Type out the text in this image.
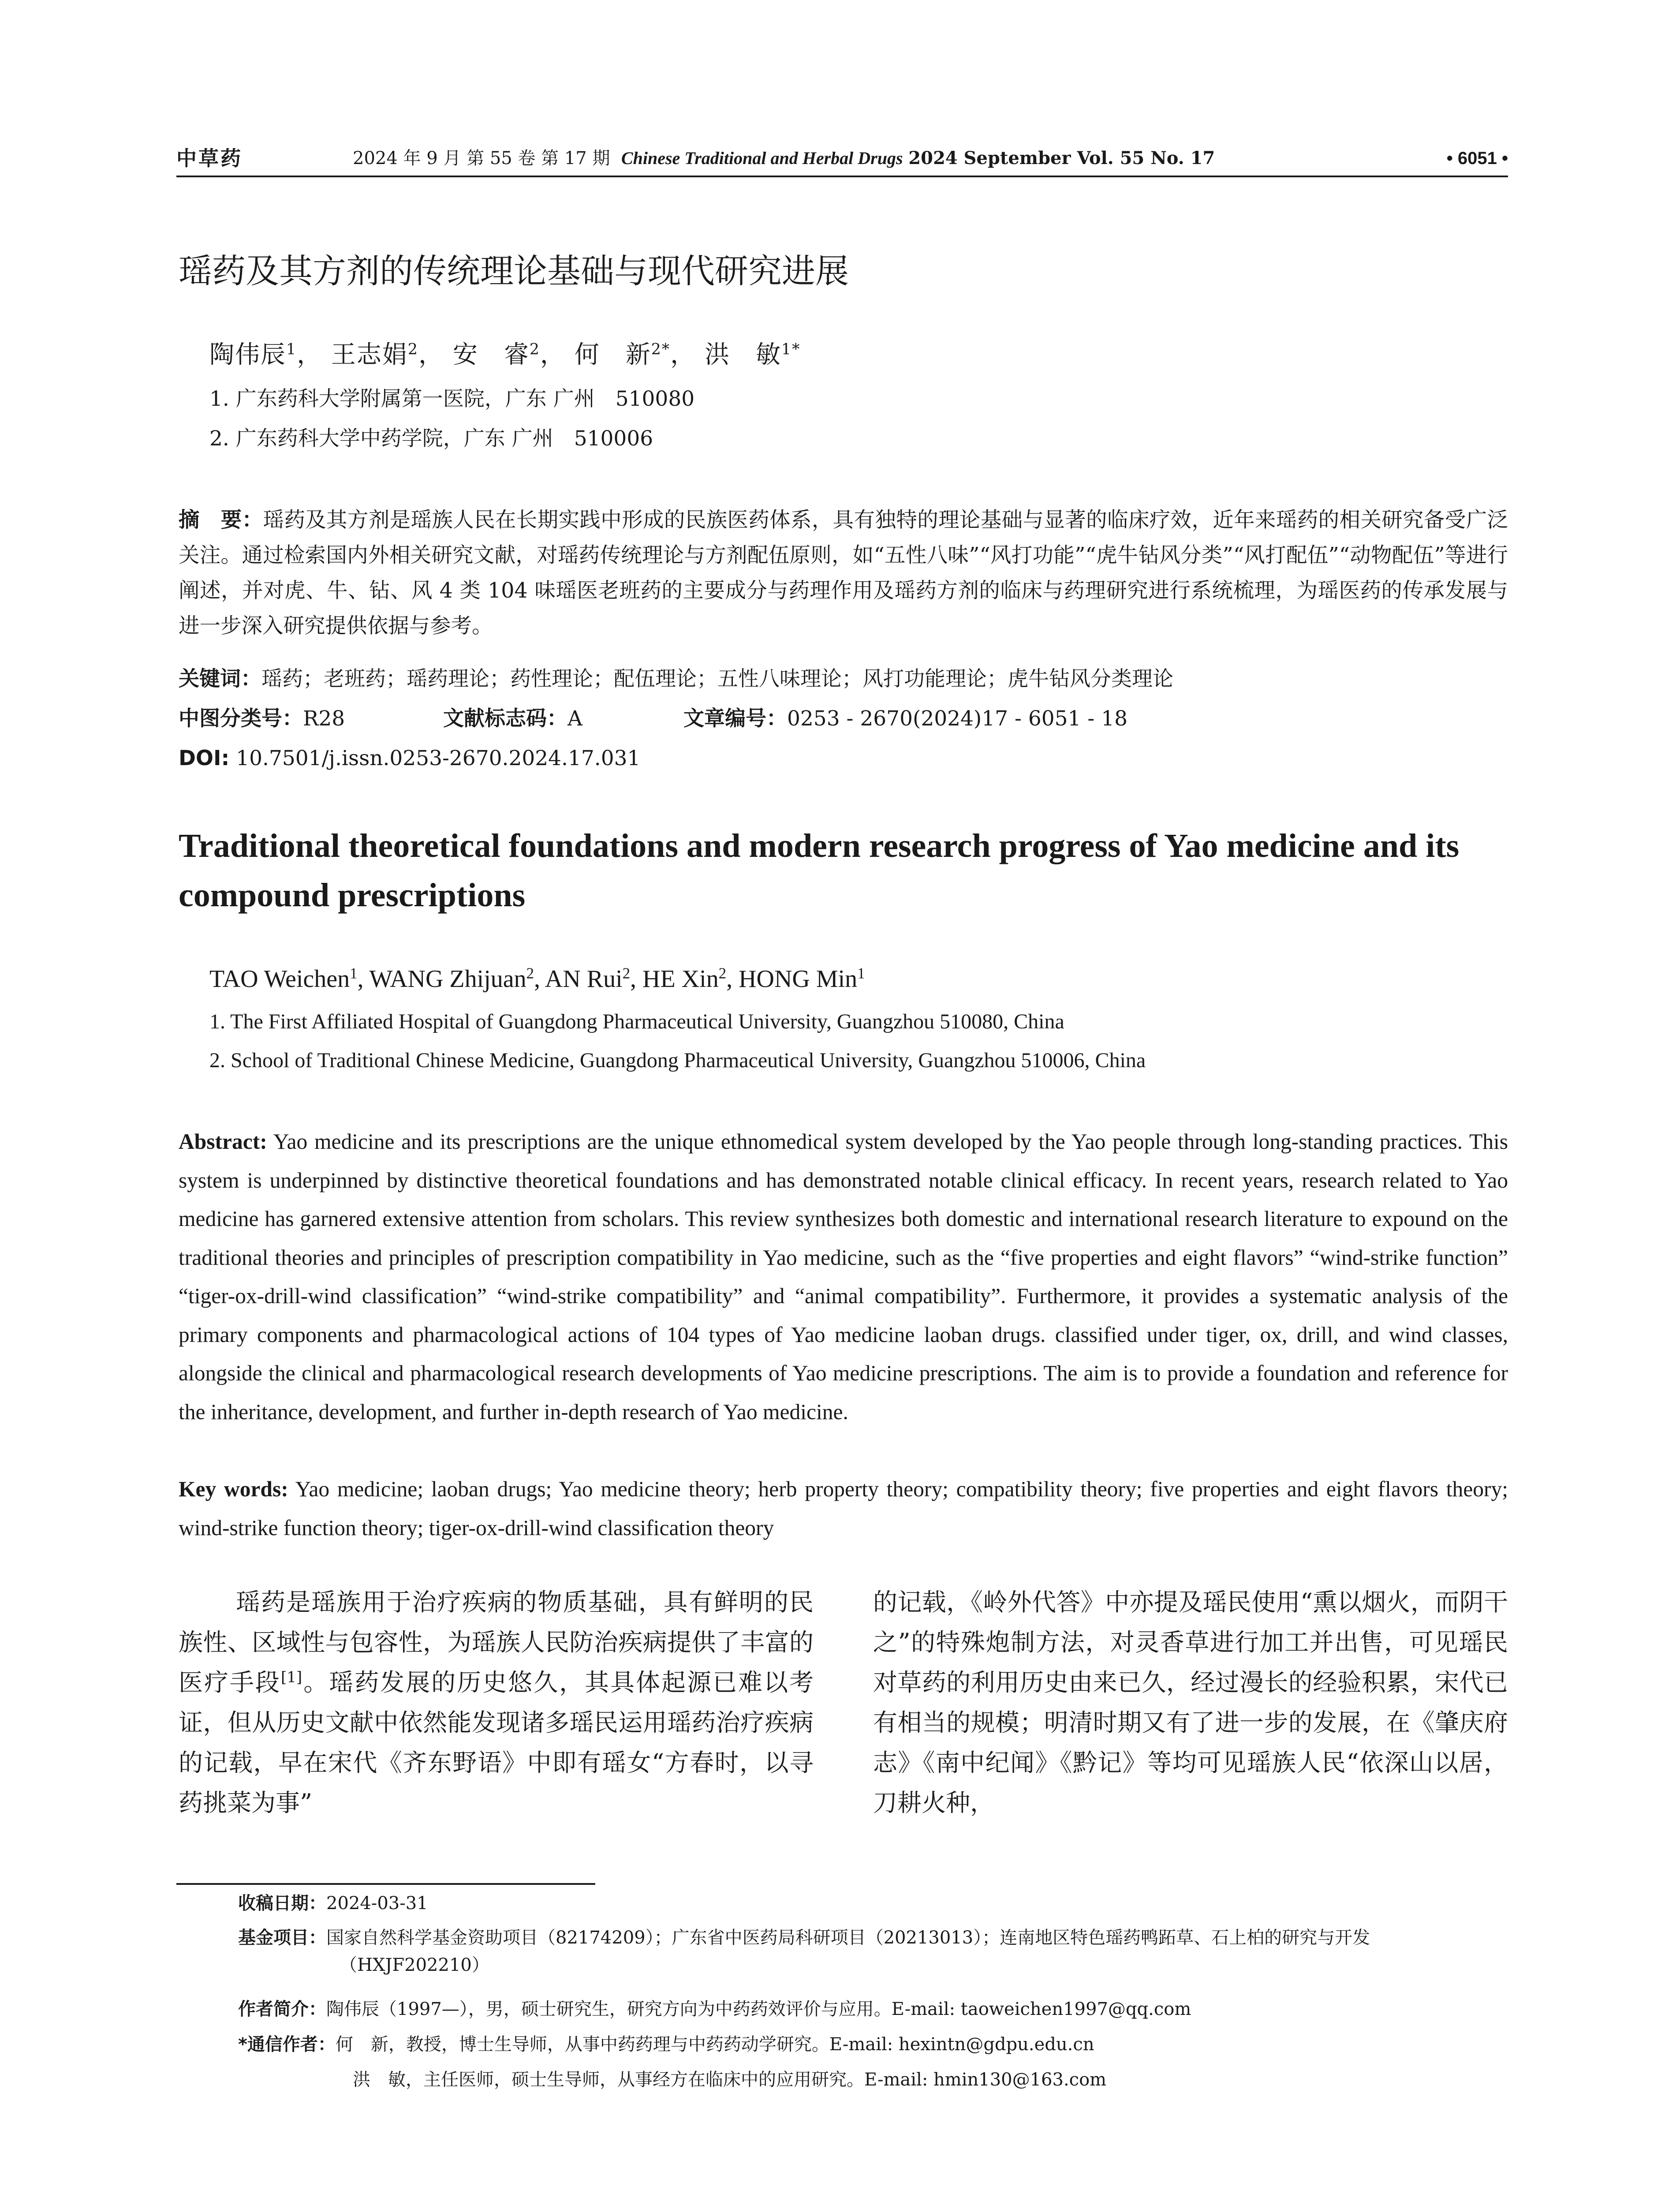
中草药	2024 年 9 月 第 55 卷 第 17 期 Chinese Traditional and Herbal Drugs 2024 September Vol. 55 No. 17	• 6051 •
瑶药及其方剂的传统理论基础与现代研究进展
陶伟辰$^1$， 王志娟$^2$， 安　睿$^2$， 何　新$^{2*}$， 洪　敏$^{1*}$
1. 广东药科大学附属第一医院，广东 广州　510080
2. 广东药科大学中药学院，广东 广州　510006
摘　要：瑶药及其方剂是瑶族人民在长期实践中形成的民族医药体系，具有独特的理论基础与显著的临床疗效，近年来瑶药的相关研究备受广泛关注。通过检索国内外相关研究文献，对瑶药传统理论与方剂配伍原则，如“五性八味”“风打功能”“虎牛钻风分类”“风打配伍”“动物配伍”等进行阐述，并对虎、牛、钻、风 4 类 104 味瑶医老班药的主要成分与药理作用及瑶药方剂的临床与药理研究进行系统梳理，为瑶医药的传承发展与进一步深入研究提供依据与参考。
关键词：瑶药；老班药；瑶药理论；药性理论；配伍理论；五性八味理论；风打功能理论；虎牛钻风分类理论
中图分类号：R28	文献标志码：A	文章编号：0253 - 2670(2024)17 - 6051 - 18
DOI: 10.7501/j.issn.0253-2670.2024.17.031
Traditional theoretical foundations and modern research progress of Yao medicine and its compound prescriptions
TAO Weichen$^1$, WANG Zhijuan$^2$, AN Rui$^2$, HE Xin$^2$, HONG Min$^1$
1. The First Affiliated Hospital of Guangdong Pharmaceutical University, Guangzhou 510080, China
2. School of Traditional Chinese Medicine, Guangdong Pharmaceutical University, Guangzhou 510006, China
Abstract: Yao medicine and its prescriptions are the unique ethnomedical system developed by the Yao people through long-standing practices. This system is underpinned by distinctive theoretical foundations and has demonstrated notable clinical efficacy. In recent years, research related to Yao medicine has garnered extensive attention from scholars. This review synthesizes both domestic and international research literature to expound on the traditional theories and principles of prescription compatibility in Yao medicine, such as the “five properties and eight flavors” “wind-strike function” “tiger-ox-drill-wind classification” “wind-strike compatibility” and “animal compatibility”. Furthermore, it provides a systematic analysis of the primary components and pharmacological actions of 104 types of Yao medicine laoban drugs. classified under tiger, ox, drill, and wind classes, alongside the clinical and pharmacological research developments of Yao medicine prescriptions. The aim is to provide a foundation and reference for the inheritance, development, and further in-depth research of Yao medicine.
Key words: Yao medicine; laoban drugs; Yao medicine theory; herb property theory; compatibility theory; five properties and eight flavors theory; wind-strike function theory; tiger-ox-drill-wind classification theory

瑶药是瑶族用于治疗疾病的物质基础，具有鲜明的民族性、区域性与包容性，为瑶族人民防治疾病提供了丰富的医疗手段[1]。瑶药发展的历史悠久，其具体起源已难以考证，但从历史文献中依然能发现诸多瑶民运用瑶药治疗疾病的记载，早在宋代《齐东野语》中即有瑶女“方春时，以寻药挑菜为事”

的记载，《岭外代答》中亦提及瑶民使用“熏以烟火，而阴干之”的特殊炮制方法，对灵香草进行加工并出售，可见瑶民对草药的利用历史由来已久，经过漫长的经验积累，宋代已有相当的规模；明清时期又有了进一步的发展，在《肇庆府志》《南中纪闻》《黔记》等均可见瑶族人民“依深山以居，刀耕火种，

收稿日期：2024-03-31
基金项目：国家自然科学基金资助项目（82174209）；广东省中医药局科研项目（20213013）；连南地区特色瑶药鸭跖草、石上柏的研究与开发
（HXJF202210）
作者简介：陶伟辰（1997—），男，硕士研究生，研究方向为中药药效评价与应用。E-mail: taoweichen1997@qq.com
*通信作者：何　新，教授，博士生导师，从事中药药理与中药药动学研究。E-mail: hexintn@gdpu.edu.cn
洪　敏，主任医师，硕士生导师，从事经方在临床中的应用研究。E-mail: hmin130@163.com
